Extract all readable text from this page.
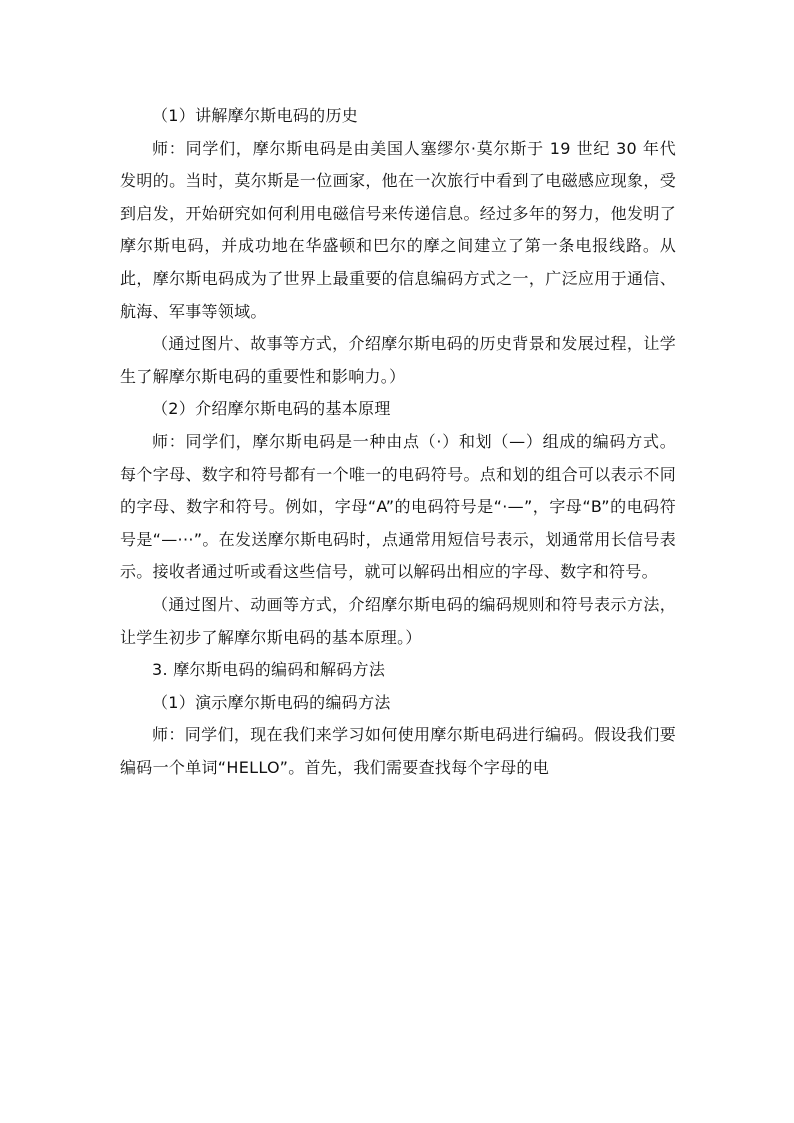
（1）讲解摩尔斯电码的历史

师：同学们，摩尔斯电码是由美国人塞缪尔·莫尔斯于 19 世纪 30 年代发明的。当时，莫尔斯是一位画家，他在一次旅行中看到了电磁感应现象，受到启发，开始研究如何利用电磁信号来传递信息。经过多年的努力，他发明了摩尔斯电码，并成功地在华盛顿和巴尔的摩之间建立了第一条电报线路。从此，摩尔斯电码成为了世界上最重要的信息编码方式之一，广泛应用于通信、航海、军事等领域。

（通过图片、故事等方式，介绍摩尔斯电码的历史背景和发展过程，让学生了解摩尔斯电码的重要性和影响力。）

（2）介绍摩尔斯电码的基本原理

师：同学们，摩尔斯电码是一种由点（·）和划（—）组成的编码方式。每个字母、数字和符号都有一个唯一的电码符号。点和划的组合可以表示不同的字母、数字和符号。例如，字母“A”的电码符号是“·—”，字母“B”的电码符号是“—···”。在发送摩尔斯电码时，点通常用短信号表示，划通常用长信号表示。接收者通过听或看这些信号，就可以解码出相应的字母、数字和符号。

（通过图片、动画等方式，介绍摩尔斯电码的编码规则和符号表示方法，让学生初步了解摩尔斯电码的基本原理。）

3. 摩尔斯电码的编码和解码方法

（1）演示摩尔斯电码的编码方法

师：同学们，现在我们来学习如何使用摩尔斯电码进行编码。假设我们要编码一个单词“HELLO”。首先，我们需要查找每个字母的电
